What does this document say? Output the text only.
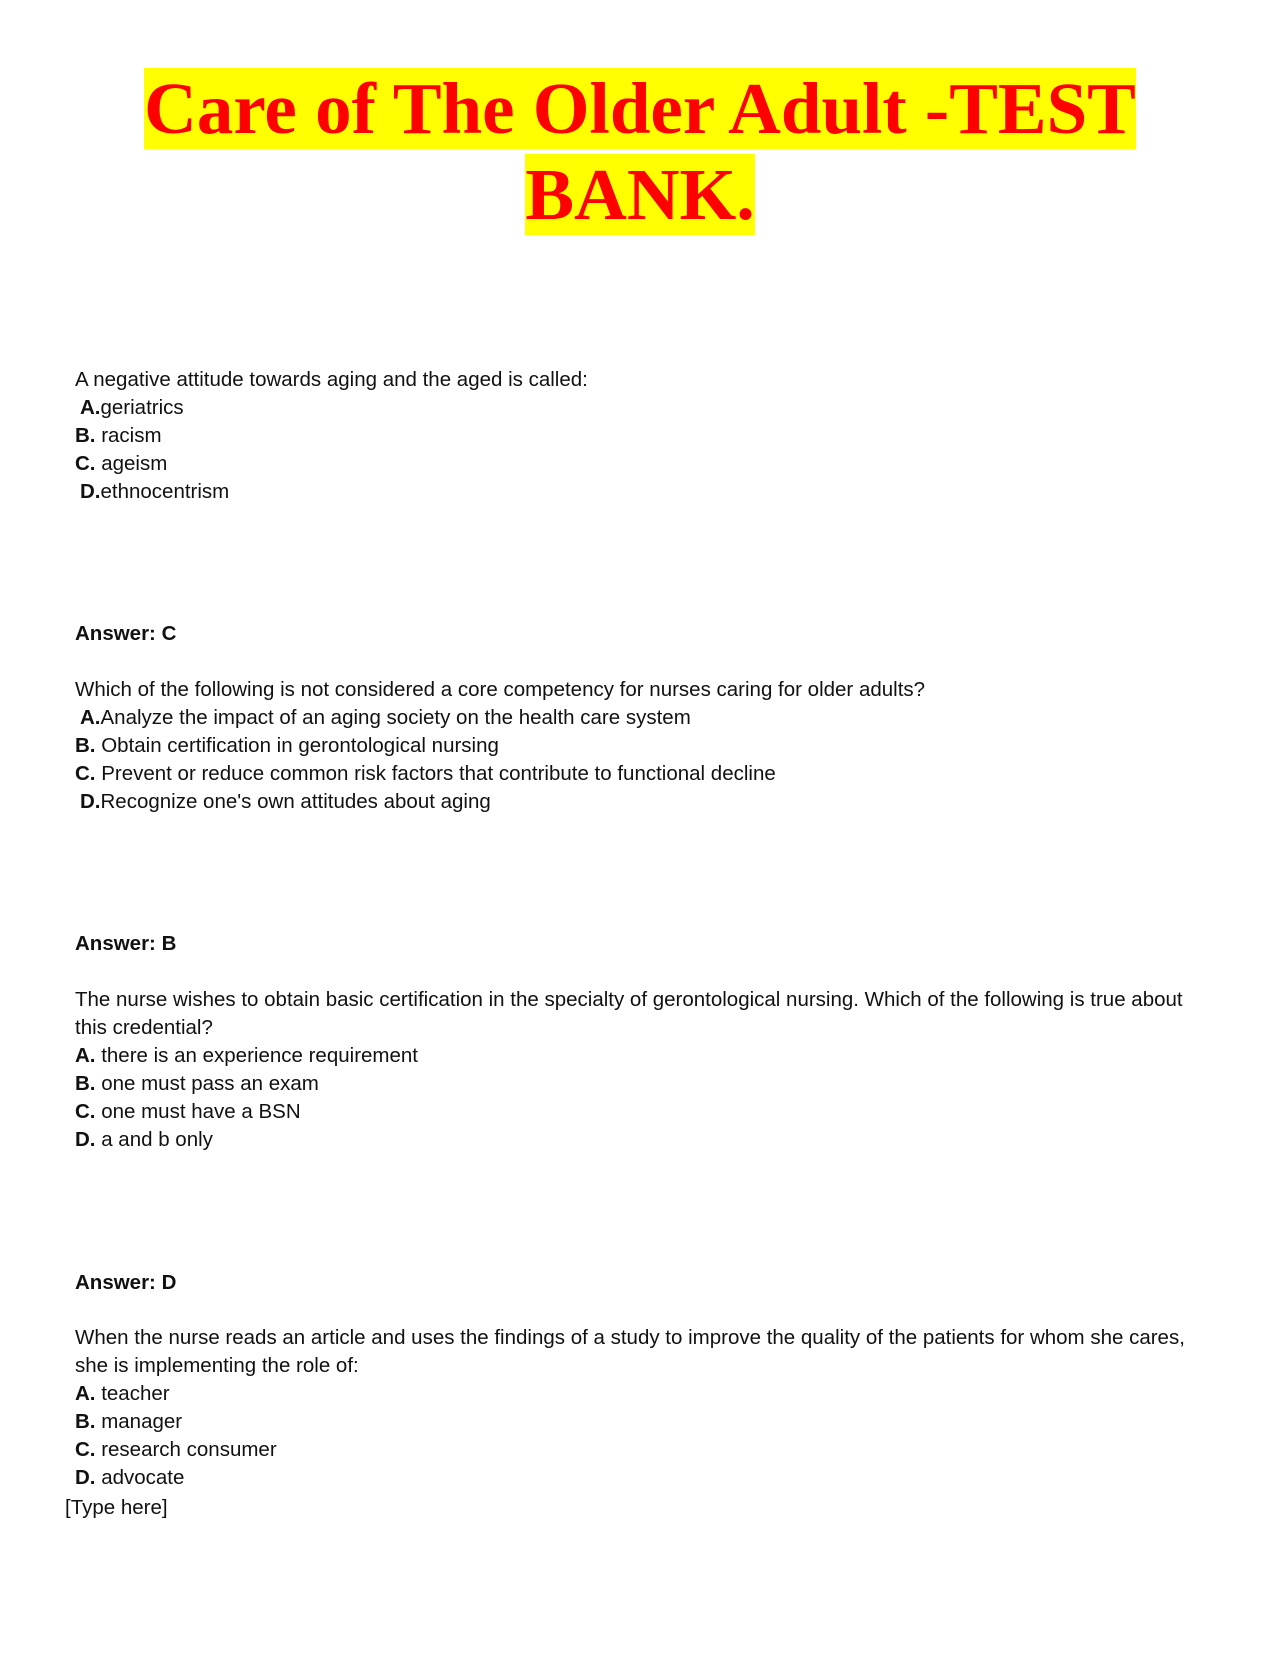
Care of The Older Adult -TEST BANK.

A negative attitude towards aging and the aged is called:

A.geriatrics

B. racism

C. ageism

D.ethnocentrism

Answer: C

Which of the following is not considered a core competency for nurses caring for older adults?

A.Analyze the impact of an aging society on the health care system

B. Obtain certification in gerontological nursing

C. Prevent or reduce common risk factors that contribute to functional decline

D.Recognize one's own attitudes about aging

Answer: B

The nurse wishes to obtain basic certification in the specialty of gerontological nursing. Which of the following is true about this credential?

A. there is an experience requirement

B. one must pass an exam

C. one must have a BSN

D. a and b only

Answer: D

When the nurse reads an article and uses the findings of a study to improve the quality of the patients for whom she cares, she is implementing the role of:

A. teacher

B. manager

C. research consumer

D. advocate

[Type here]
